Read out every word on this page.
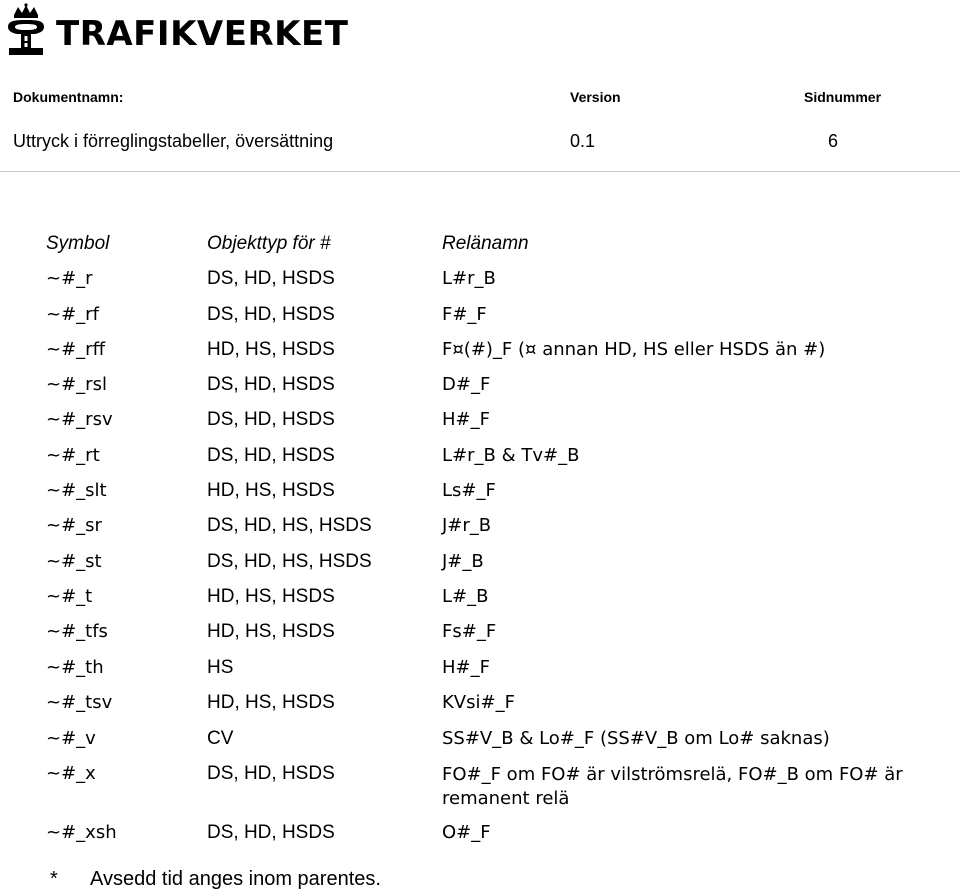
TRAFIKVERKET
Dokumentnamn:	Version	Sidnummer
Uttryck i förreglingstabeller, översättning	0.1	6
Symbol	Objekttyp för #	Relänamn
~#_r	DS, HD, HSDS	L#r_B
~#_rf	DS, HD, HSDS	F#_F
~#_rff	HD, HS, HSDS	F¤(#)_F (¤ annan HD, HS eller HSDS än #)
~#_rsl	DS, HD, HSDS	D#_F
~#_rsv	DS, HD, HSDS	H#_F
~#_rt	DS, HD, HSDS	L#r_B & Tv#_B
~#_slt	HD, HS, HSDS	Ls#_F
~#_sr	DS, HD, HS, HSDS	J#r_B
~#_st	DS, HD, HS, HSDS	J#_B
~#_t	HD, HS, HSDS	L#_B
~#_tfs	HD, HS, HSDS	Fs#_F
~#_th	HS	H#_F
~#_tsv	HD, HS, HSDS	KVsi#_F
~#_v	CV	SS#V_B & Lo#_F (SS#V_B om Lo# saknas)
~#_x	DS, HD, HSDS	FO#_F om FO# är vilströmsrelä, FO#_B om FO# är remanent relä
~#_xsh	DS, HD, HSDS	O#_F
* Avsedd tid anges inom parentes.
